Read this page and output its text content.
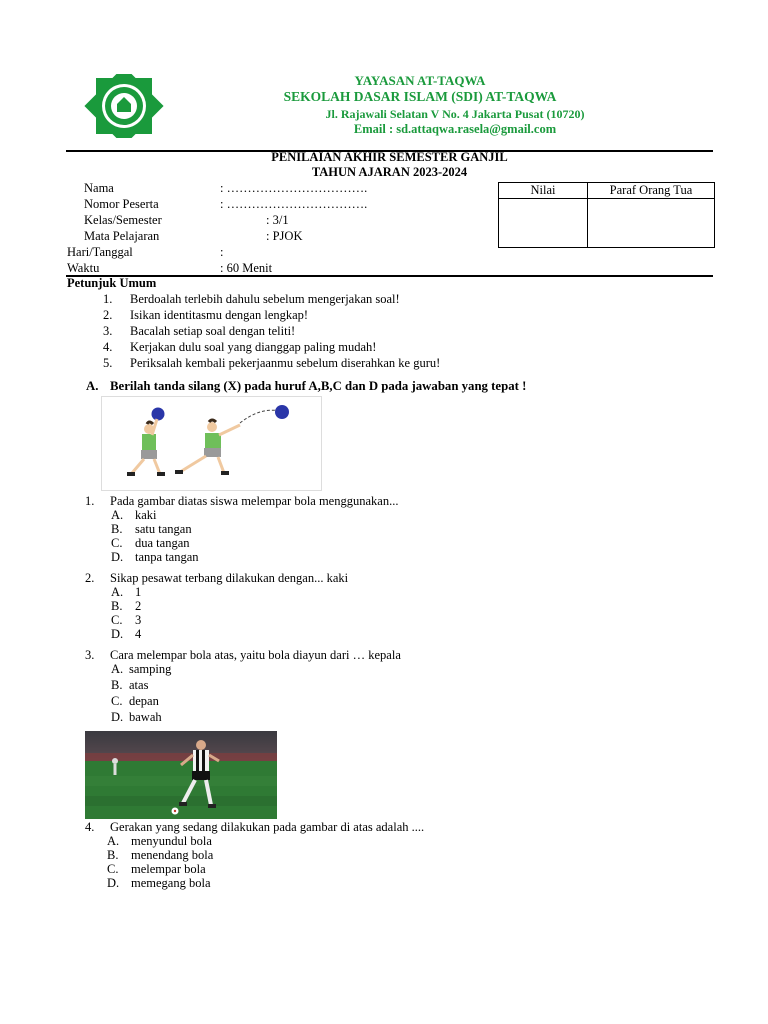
YAYASAN AT-TAQWA
SEKOLAH DASAR ISLAM (SDI) AT-TAQWA
Jl. Rajawali Selatan V No. 4 Jakarta Pusat (10720)
Email : sd.attaqwa.rasela@gmail.com
PENILAIAN AKHIR SEMESTER GANJIL
TAHUN AJARAN 2023-2024
Nama	: …………………………….
Nomor Peserta	: …………………………….
Kelas/Semester	: 3/1
Mata Pelajaran	: PJOK
Hari/Tanggal	:
Waktu	: 60 Menit
Nilai	Paraf Orang Tua

Petunjuk Umum
1. Berdoalah terlebih dahulu sebelum mengerjakan soal!
2. Isikan identitasmu dengan lengkap!
3. Bacalah setiap soal dengan teliti!
4. Kerjakan dulu soal yang dianggap paling mudah!
5. Periksalah kembali pekerjaanmu sebelum diserahkan ke guru!
A. Berilah tanda silang (X) pada huruf A,B,C dan D pada jawaban yang tepat !
1. Pada gambar diatas siswa melempar bola menggunakan...
A. kaki
B. satu tangan
C. dua tangan
D. tanpa tangan
2. Sikap pesawat terbang dilakukan dengan... kaki
A. 1
B. 2
C. 3
D. 4
3. Cara melempar bola atas, yaitu bola diayun dari … kepala
A. samping
B. atas
C. depan
D. bawah
4. Gerakan yang sedang dilakukan pada gambar di atas adalah ....
A. menyundul bola
B. menendang bola
C. melempar bola
D. memegang bola
